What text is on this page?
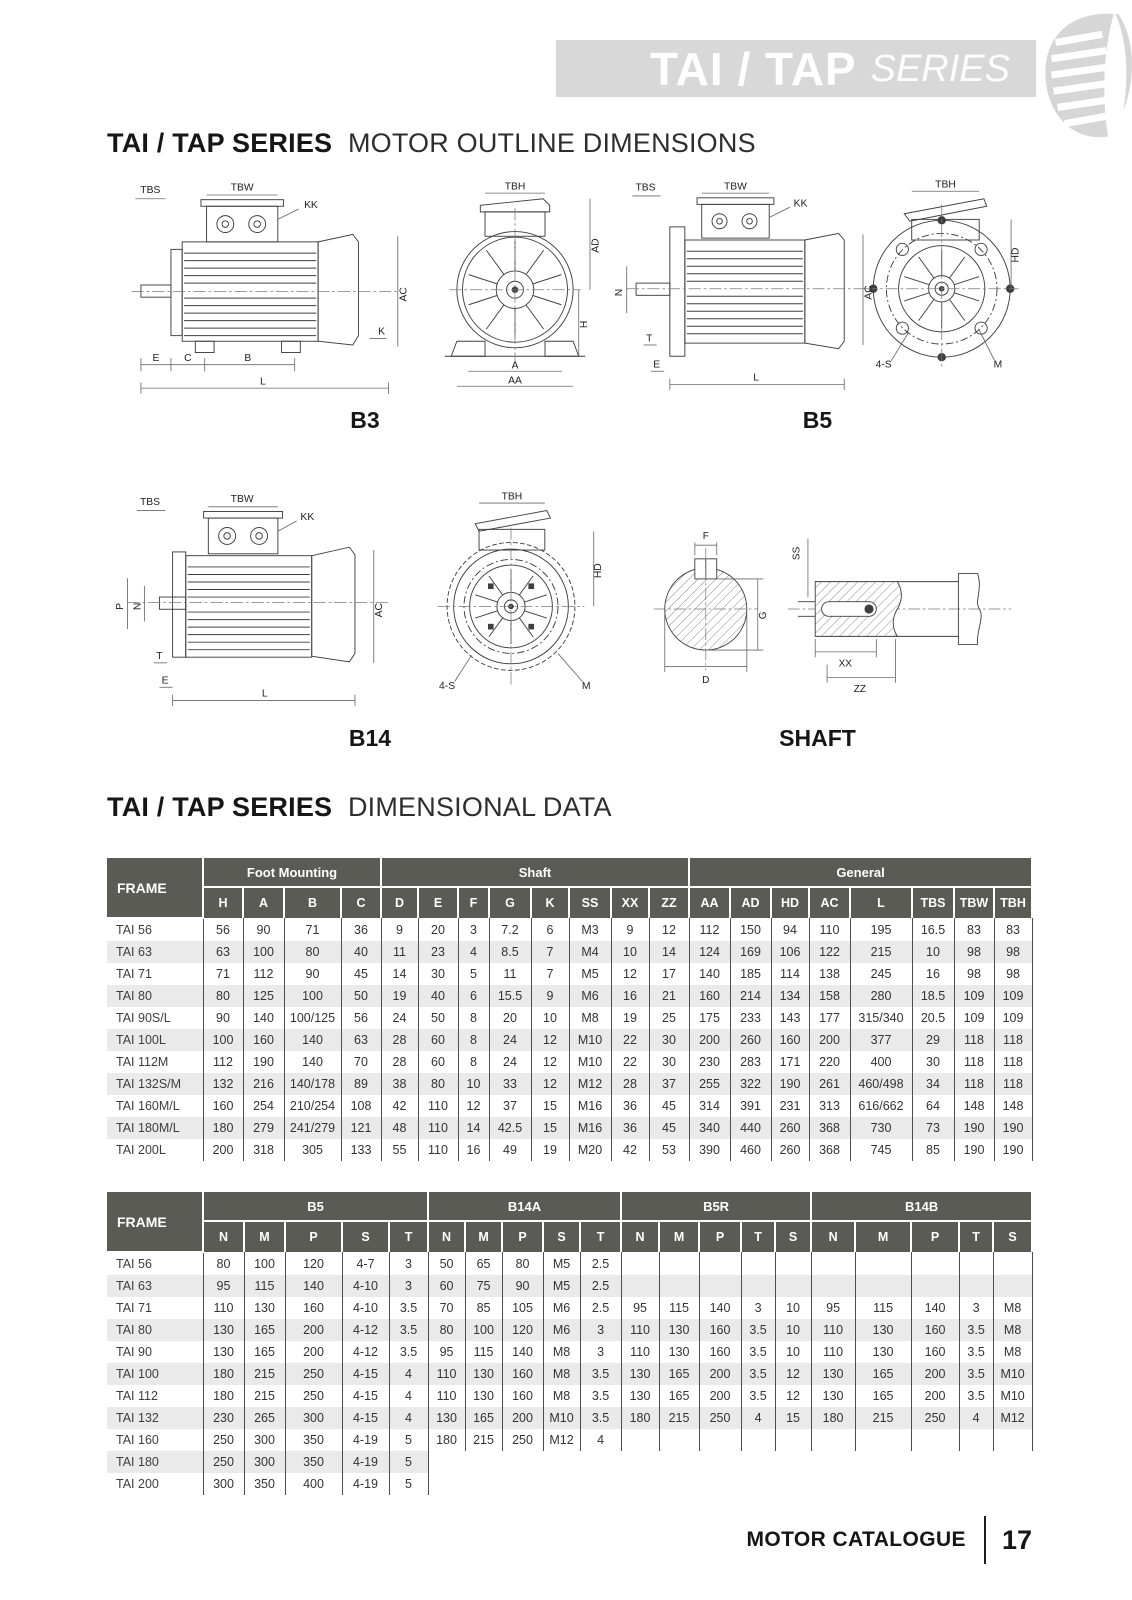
TAI / TAP SERIES
TAI / TAP SERIES MOTOR OUTLINE DIMENSIONS
TBS	TBW
KK
AC
K
E C	B
L
TBH
AD
H
A
AA
B3
TBS	TBW
KK
N
T
E
L
AC
TBH
HD
4-S	M
B5
TBS	TBW
KK
P N
T
E
L
AC
TBH
HD
4-S	M
B14
F
G
D
SS
XX
ZZ
SHAFT
TAI / TAP SERIES DIMENSIONAL DATA
FRAME	Foot Mounting				Shaft								General							
	H	A	B	C	D	E	F	G	K	SS	XX	ZZ	AA	AD	HD	AC	L	TBS	TBW	TBH
TAI 56	56	90	71	36	9	20	3	7.2	6	M3	9	12	112	150	94	110	195	16.5	83	83
TAI 63	63	100	80	40	11	23	4	8.5	7	M4	10	14	124	169	106	122	215	10	98	98
TAI 71	71	112	90	45	14	30	5	11	7	M5	12	17	140	185	114	138	245	16	98	98
TAI 80	80	125	100	50	19	40	6	15.5	9	M6	16	21	160	214	134	158	280	18.5	109	109
TAI 90S/L	90	140	100/125	56	24	50	8	20	10	M8	19	25	175	233	143	177	315/340	20.5	109	109
TAI 100L	100	160	140	63	28	60	8	24	12	M10	22	30	200	260	160	200	377	29	118	118
TAI 112M	112	190	140	70	28	60	8	24	12	M10	22	30	230	283	171	220	400	30	118	118
TAI 132S/M	132	216	140/178	89	38	80	10	33	12	M12	28	37	255	322	190	261	460/498	34	118	118
TAI 160M/L	160	254	210/254	108	42	110	12	37	15	M16	36	45	314	391	231	313	616/662	64	148	148
TAI 180M/L	180	279	241/279	121	48	110	14	42.5	15	M16	36	45	340	440	260	368	730	73	190	190
TAI 200L	200	318	305	133	55	110	16	49	19	M20	42	53	390	460	260	368	745	85	190	190
FRAME	B5					B14A					B5R					B14B				
	N	M	P	S	T	N	M	P	S	T	N	M	P	T	S	N	M	P	T	S
TAI 56	80	100	120	4-7	3	50	65	80	M5	2.5										
TAI 63	95	115	140	4-10	3	60	75	90	M5	2.5										
TAI 71	110	130	160	4-10	3.5	70	85	105	M6	2.5	95	115	140	3	10	95	115	140	3	M8
TAI 80	130	165	200	4-12	3.5	80	100	120	M6	3	110	130	160	3.5	10	110	130	160	3.5	M8
TAI 90	130	165	200	4-12	3.5	95	115	140	M8	3	110	130	160	3.5	10	110	130	160	3.5	M8
TAI 100	180	215	250	4-15	4	110	130	160	M8	3.5	130	165	200	3.5	12	130	165	200	3.5	M10
TAI 112	180	215	250	4-15	4	110	130	160	M8	3.5	130	165	200	3.5	12	130	165	200	3.5	M10
TAI 132	230	265	300	4-15	4	130	165	200	M10	3.5	180	215	250	4	15	180	215	250	4	M12
TAI 160	250	300	350	4-19	5	180	215	250	M12	4										
TAI 180	250	300	350	4-19	5															
TAI 200	300	350	400	4-19	5															
MOTOR CATALOGUE 17
